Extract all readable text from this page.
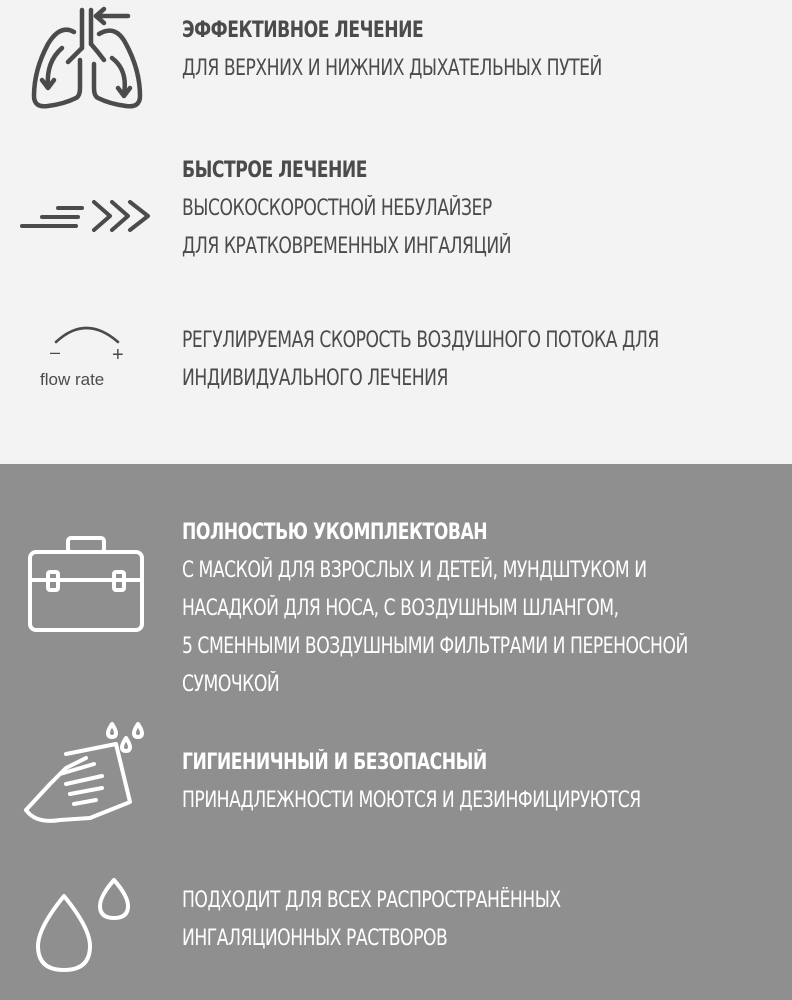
ЭФФЕКТИВНОЕ ЛЕЧЕНИЕ
ДЛЯ ВЕРХНИХ И НИЖНИХ ДЫХАТЕЛЬНЫХ ПУТЕЙ
БЫСТРОЕ ЛЕЧЕНИЕ
ВЫСОКОСКОРОСТНОЙ НЕБУЛАЙЗЕР
ДЛЯ КРАТКОВРЕМЕННЫХ ИНГАЛЯЦИЙ
–	+
flow rate
РЕГУЛИРУЕМАЯ СКОРОСТЬ ВОЗДУШНОГО ПОТОКА ДЛЯ
ИНДИВИДУАЛЬНОГО ЛЕЧЕНИЯ
ПОЛНОСТЬЮ УКОМПЛЕКТОВАН
С МАСКОЙ ДЛЯ ВЗРОСЛЫХ И ДЕТЕЙ, МУНДШТУКОМ И
НАСАДКОЙ ДЛЯ НОСА, С ВОЗДУШНЫМ ШЛАНГОМ,
5 СМЕННЫМИ ВОЗДУШНЫМИ ФИЛЬТРАМИ И ПЕРЕНОСНОЙ
СУМОЧКОЙ
ГИГИЕНИЧНЫЙ И БЕЗОПАСНЫЙ
ПРИНАДЛЕЖНОСТИ МОЮТСЯ И ДЕЗИНФИЦИРУЮТСЯ
ПОДХОДИТ ДЛЯ ВСЕХ РАСПРОСТРАНЁННЫХ
ИНГАЛЯЦИОННЫХ РАСТВОРОВ
